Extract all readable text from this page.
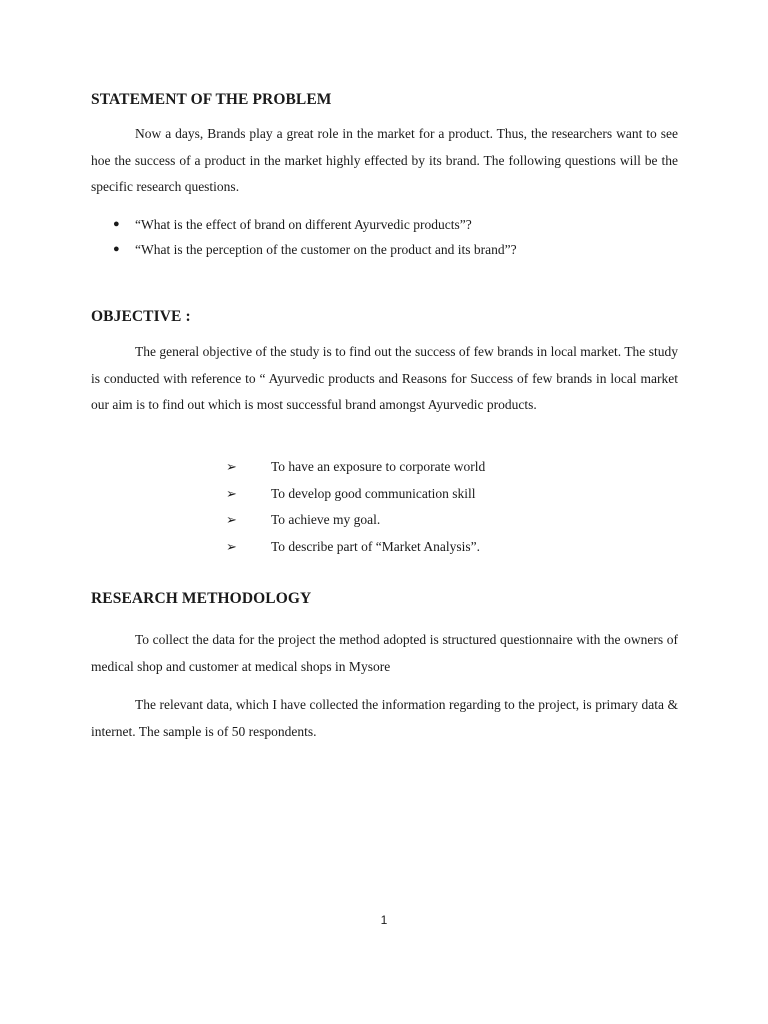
STATEMENT OF THE PROBLEM

Now a days, Brands play a great role in the market for a product. Thus, the researchers want to see hoe the success of a product in the market highly effected by its brand. The following questions will be the specific research questions.

● “What is the effect of brand on different Ayurvedic products”?
● “What is the perception of the customer on the product and its brand”?
OBJECTIVE :

The general objective of the study is to find out the success of few brands in local market. The study is conducted with reference to “ Ayurvedic products and Reasons for Success of few brands in local market our aim is to find out which is most successful brand amongst Ayurvedic products.

➢	To have an exposure to corporate world
➢	To develop good communication skill
➢	To achieve my goal.
➢	To describe part of “Market Analysis”.
RESEARCH METHODOLOGY

To collect the data for the project the method adopted is structured questionnaire with the owners of medical shop and customer at medical shops in Mysore

The relevant data, which I have collected the information regarding to the project, is primary data & internet. The sample is of 50 respondents.

1
